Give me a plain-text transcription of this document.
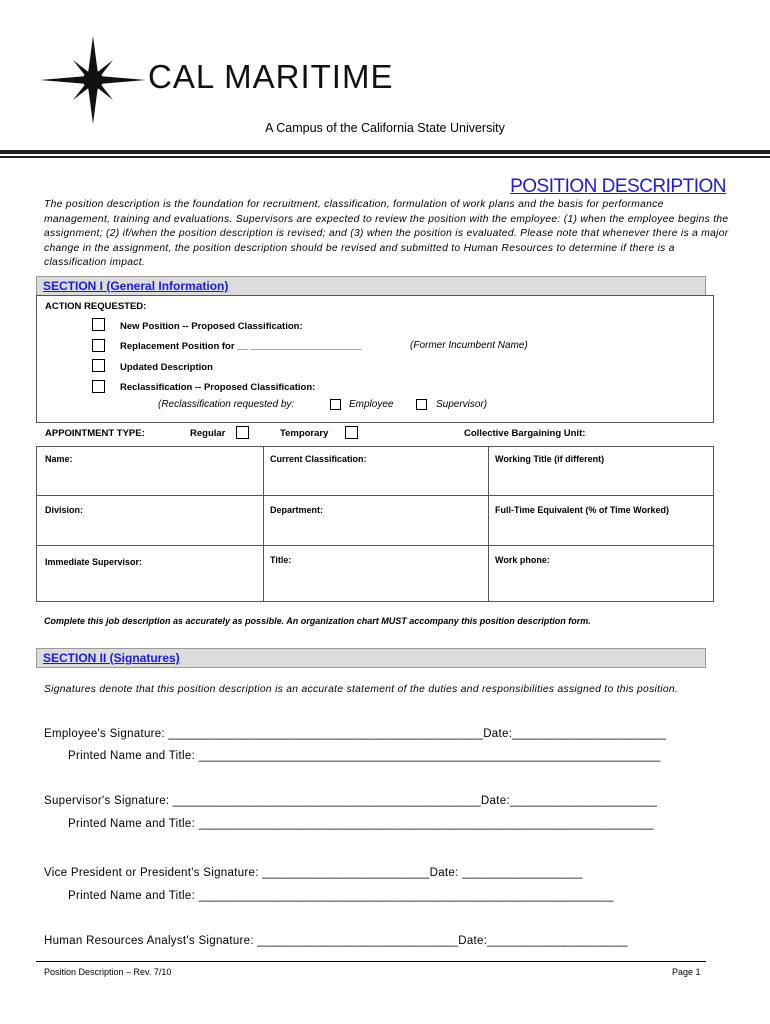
CAL MARITIME
A Campus of the California State University
POSITION DESCRIPTION
The position description is the foundation for recruitment, classification, formulation of work plans and the basis for performance management, training and evaluations. Supervisors are expected to review the position with the employee: (1) when the employee begins the assignment; (2) if/when the position description is revised; and (3) when the position is evaluated. Please note that whenever there is a major change in the assignment, the position description should be revised and submitted to Human Resources to determine if there is a classification impact.
SECTION I (General Information)
ACTION REQUESTED:
New Position -- Proposed Classification:
Replacement Position for __ _____________________	(Former Incumbent Name)
Updated Description
Reclassification -- Proposed Classification:
(Reclassification requested by:	Employee	Supervisor)
APPOINTMENT TYPE:	Regular	Temporary	Collective Bargaining Unit:
Name:	Current Classification:	Working Title (if different)
Division:	Department:	Full-Time Equivalent (% of Time Worked)
Immediate Supervisor:	Title:	Work phone:
Complete this job description as accurately as possible. An organization chart MUST accompany this position description form.
SECTION II (Signatures)
Signatures denote that this position description is an accurate statement of the duties and responsibilities assigned to this position.
Employee's Signature: _______________________________________________Date:_______________________
Printed Name and Title: _____________________________________________________________________
Supervisor's Signature: ______________________________________________Date:______________________
Printed Name and Title: ____________________________________________________________________
Vice President or President's Signature: _________________________Date: __________________
Printed Name and Title: ______________________________________________________________
Human Resources Analyst's Signature: ______________________________Date:_____________________
Position Description – Rev. 7/10	Page 1
